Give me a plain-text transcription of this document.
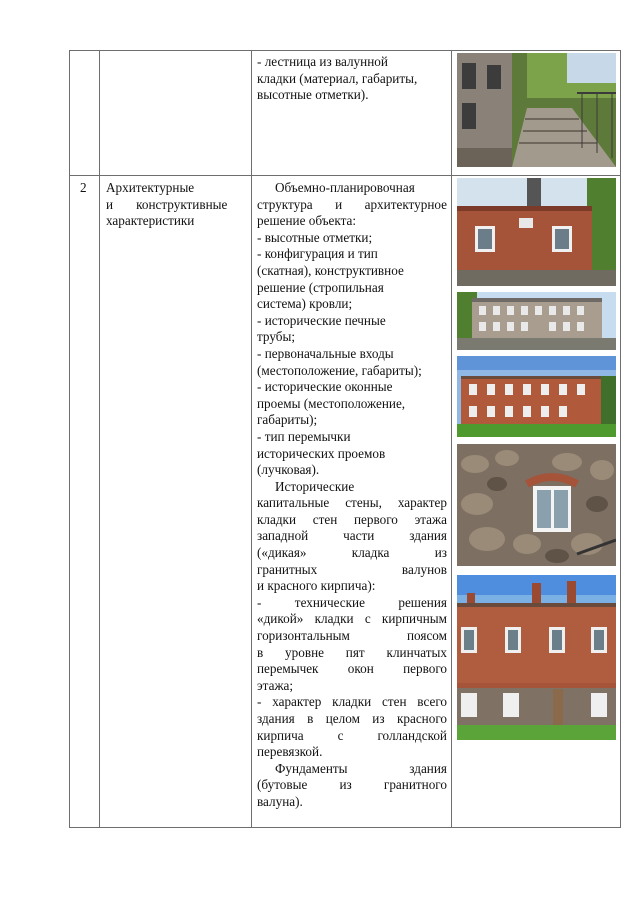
- лестница из валунной
кладки (материал, габариты,
высотные отметки).
2 Архитектурные
и       конструктивные
характеристики

Объемно-планировочная

структура и архитектурное

решение объекта:

- высотные отметки;

- конфигурация и тип

(скатная), конструктивное

решение (стропильная

система) кровли;

- исторические печные

трубы;

- первоначальные входы

(местоположение, габариты);

- исторические оконные

проемы (местоположение,

габариты);

- тип перемычки

исторических проемов

(лучковая).

Исторические

капитальные стены, характер

кладки стен первого этажа

западной части здания

(«дикая» кладка из

гранитных валунов

и красного кирпича):

- технические решения

«дикой» кладки с кирпичным

горизонтальным поясом

в уровне пят клинчатых

перемычек окон первого

этажа;

- характер кладки стен всего

здания в целом из красного

кирпича с голландской

перевязкой.

Фундаменты здания

(бутовые из гранитного

валуна).
